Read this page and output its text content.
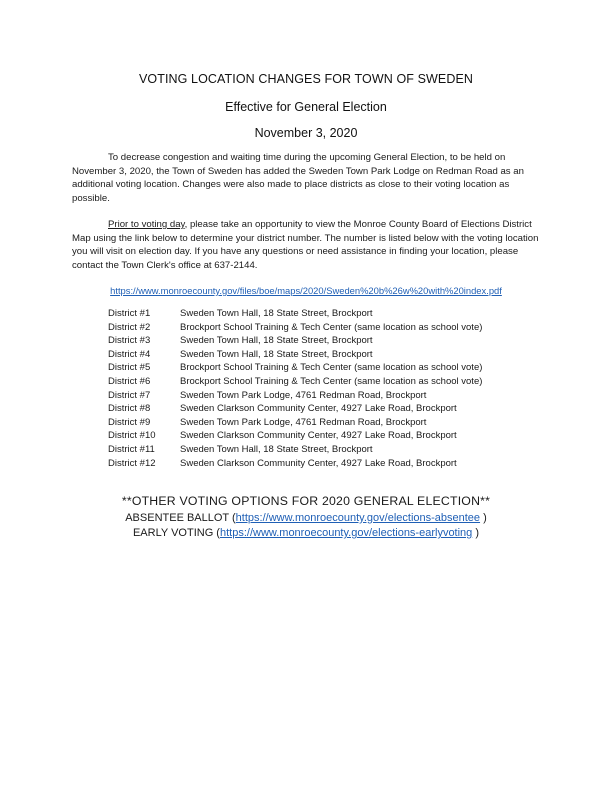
VOTING LOCATION CHANGES FOR TOWN OF SWEDEN
Effective for General Election
November 3, 2020
To decrease congestion and waiting time during the upcoming General Election, to be held on November 3, 2020, the Town of Sweden has added the Sweden Town Park Lodge on Redman Road as an additional voting location. Changes were also made to place districts as close to their voting location as possible.
Prior to voting day, please take an opportunity to view the Monroe County Board of Elections District Map using the link below to determine your district number. The number is listed below with the voting location you will visit on election day. If you have any questions or need assistance in finding your location, please contact the Town Clerk's office at 637-2144.
https://www.monroecounty.gov/files/boe/maps/2020/Sweden%20b%26w%20with%20index.pdf
District #1	Sweden Town Hall, 18 State Street, Brockport
District #2	Brockport School Training & Tech Center (same location as school vote)
District #3	Sweden Town Hall, 18 State Street, Brockport
District #4	Sweden Town Hall, 18 State Street, Brockport
District #5	Brockport School Training & Tech Center (same location as school vote)
District #6	Brockport School Training & Tech Center (same location as school vote)
District #7	Sweden Town Park Lodge, 4761 Redman Road, Brockport
District #8	Sweden Clarkson Community Center, 4927 Lake Road, Brockport
District #9	Sweden Town Park Lodge, 4761 Redman Road, Brockport
District #10	Sweden Clarkson Community Center, 4927 Lake Road, Brockport
District #11	Sweden Town Hall, 18 State Street, Brockport
District #12	Sweden Clarkson Community Center, 4927 Lake Road, Brockport
**OTHER VOTING OPTIONS FOR 2020 GENERAL ELECTION**
ABSENTEE BALLOT (https://www.monroecounty.gov/elections-absentee )
EARLY VOTING (https://www.monroecounty.gov/elections-earlyvoting )
